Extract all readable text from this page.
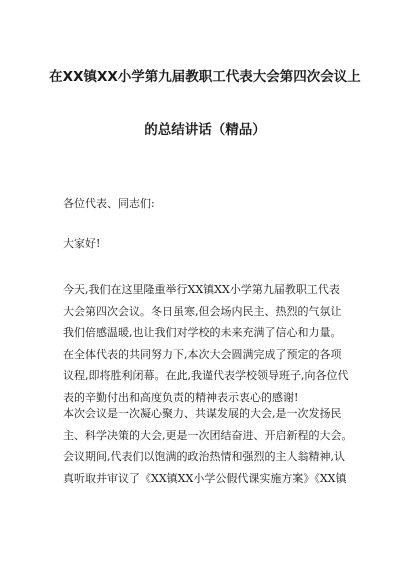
在XX镇XX小学第九届教职工代表大会第四次会议上
的总结讲话（精品）

各位代表、同志们:

大家好!

今天,我们在这里隆重举行XX镇XX小学第九届教职工代表
大会第四次会议。冬日虽寒,但会场内民主、热烈的气氛让
我们倍感温暖,也让我们对学校的未来充满了信心和力量。
在全体代表的共同努力下,本次大会圆满完成了预定的各项
议程,即将胜利闭幕。在此,我谨代表学校领导班子,向各位代
表的辛勤付出和高度负责的精神表示衷心的感谢!

本次会议是一次凝心聚力、共谋发展的大会,是一次发扬民
主、科学决策的大会,更是一次团结奋进、开启新程的大会。
会议期间,代表们以饱满的政治热情和强烈的主人翁精神,认
真听取并审议了《XX镇XX小学公假代课实施方案》《XX镇
